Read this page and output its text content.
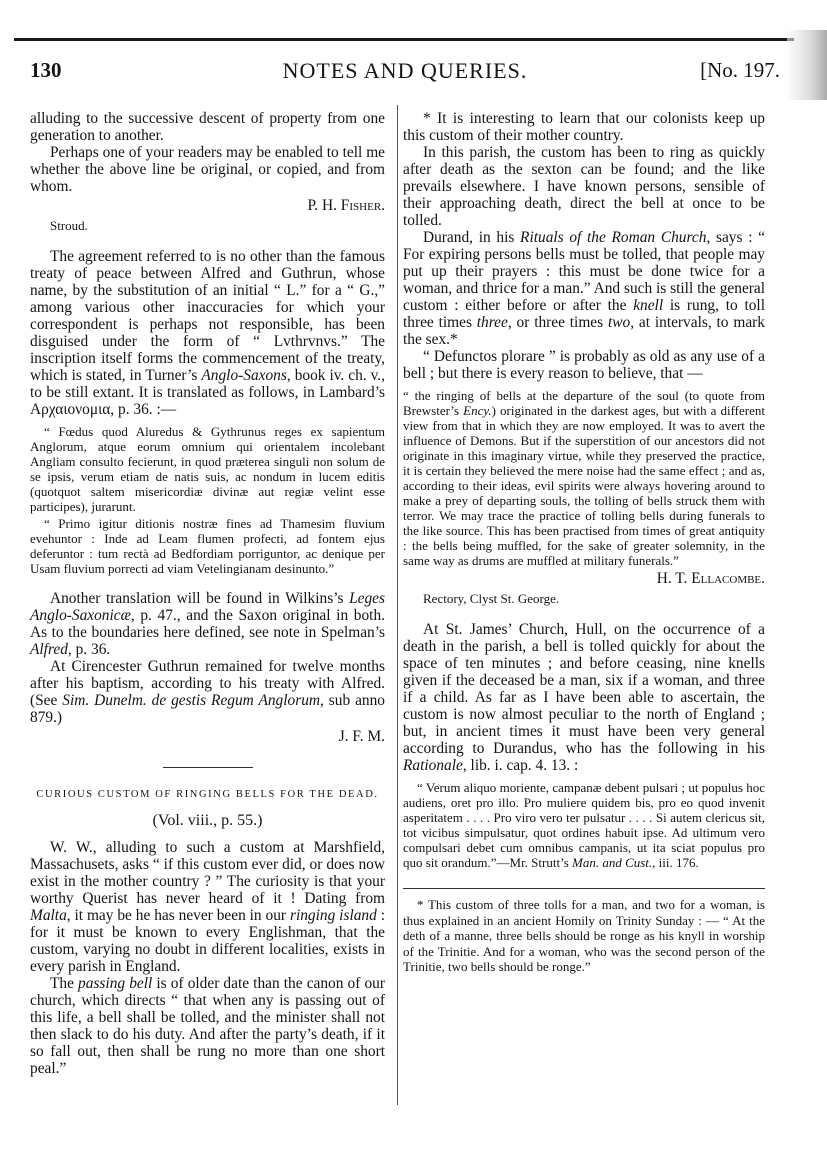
130	NOTES AND QUERIES.	[No. 197.

alluding to the successive descent of property from one generation to another.

Perhaps one of your readers may be enabled to tell me whether the above line be original, or copied, and from whom.

P. H. Fisher.

Stroud.

The agreement referred to is no other than the famous treaty of peace between Alfred and Guthrun, whose name, by the substitution of an initial “ L.” for a “ G.,” among various other inaccuracies for which your correspondent is perhaps not responsible, has been disguised under the form of “ Lvthrvnvs.” The inscription itself forms the commencement of the treaty, which is stated, in Turner’s Anglo-Saxons, book iv. ch. v., to be still extant. It is translated as follows, in Lambard’s Αρχαιονομια, p. 36. :—

“ Fœdus quod Aluredus & Gythrunus reges ex sapientum Anglorum, atque eorum omnium qui orientalem incolebant Angliam consulto fecierunt, in quod præterea singuli non solum de se ipsis, verum etiam de natis suis, ac nondum in lucem editis (quotquot saltem misericordiæ divinæ aut regiæ velint esse participes), jurarunt.

“ Primo igitur ditionis nostræ fines ad Thamesim fluvium evehuntor : Inde ad Leam flumen profecti, ad fontem ejus deferuntor : tum rectà ad Bedfordiam porriguntor, ac denique per Usam fluvium porrecti ad viam Vetelingianam desinunto.”

Another translation will be found in Wilkins’s Leges Anglo-Saxonicæ, p. 47., and the Saxon original in both. As to the boundaries here defined, see note in Spelman’s Alfred, p. 36.

At Cirencester Guthrun remained for twelve months after his baptism, according to his treaty with Alfred. (See Sim. Dunelm. de gestis Regum Anglorum, sub anno 879.)

J. F. M.

CURIOUS CUSTOM OF RINGING BELLS FOR THE DEAD.

(Vol. viii., p. 55.)

W. W., alluding to such a custom at Marshfield, Massachusets, asks “ if this custom ever did, or does now exist in the mother country ? ” The curiosity is that your worthy Querist has never heard of it ! Dating from Malta, it may be he has never been in our ringing island : for it must be known to every Englishman, that the custom, varying no doubt in different localities, exists in every parish in England.

The passing bell is of older date than the canon of our church, which directs “ that when any is passing out of this life, a bell shall be tolled, and the minister shall not then slack to do his duty. And after the party’s death, if it so fall out, then shall be rung no more than one short peal.”

* It is interesting to learn that our colonists keep up this custom of their mother country.

In this parish, the custom has been to ring as quickly after death as the sexton can be found; and the like prevails elsewhere. I have known persons, sensible of their approaching death, direct the bell at once to be tolled.

Durand, in his Rituals of the Roman Church, says : “ For expiring persons bells must be tolled, that people may put up their prayers : this must be done twice for a woman, and thrice for a man.” And such is still the general custom : either before or after the knell is rung, to toll three times three, or three times two, at intervals, to mark the sex.*

“ Defunctos plorare ” is probably as old as any use of a bell ; but there is every reason to believe, that —

“ the ringing of bells at the departure of the soul (to quote from Brewster’s Ency.) originated in the darkest ages, but with a different view from that in which they are now employed. It was to avert the influence of Demons. But if the superstition of our ancestors did not originate in this imaginary virtue, while they preserved the practice, it is certain they believed the mere noise had the same effect ; and as, according to their ideas, evil spirits were always hovering around to make a prey of departing souls, the tolling of bells struck them with terror. We may trace the practice of tolling bells during funerals to the like source. This has been practised from times of great antiquity : the bells being muffled, for the sake of greater solemnity, in the same way as drums are muffled at military funerals.”

H. T. Ellacombe.

Rectory, Clyst St. George.

At St. James’ Church, Hull, on the occurrence of a death in the parish, a bell is tolled quickly for about the space of ten minutes ; and before ceasing, nine knells given if the deceased be a man, six if a woman, and three if a child. As far as I have been able to ascertain, the custom is now almost peculiar to the north of England ; but, in ancient times it must have been very general according to Durandus, who has the following in his Rationale, lib. i. cap. 4. 13. :

“ Verum aliquo moriente, campanæ debent pulsari ; ut populus hoc audiens, oret pro illo. Pro muliere quidem bis, pro eo quod invenit asperitatem . . . . Pro viro vero ter pulsatur . . . . Si autem clericus sit, tot vicibus simpulsatur, quot ordines habuit ipse. Ad ultimum vero compulsari debet cum omnibus campanis, ut ita sciat populus pro quo sit orandum.”—Mr. Strutt’s Man. and Cust., iii. 176.

* This custom of three tolls for a man, and two for a woman, is thus explained in an ancient Homily on Trinity Sunday : — “ At the deth of a manne, three bells should be ronge as his knyll in worship of the Trinitie. And for a woman, who was the second person of the Trinitie, two bells should be ronge.”
